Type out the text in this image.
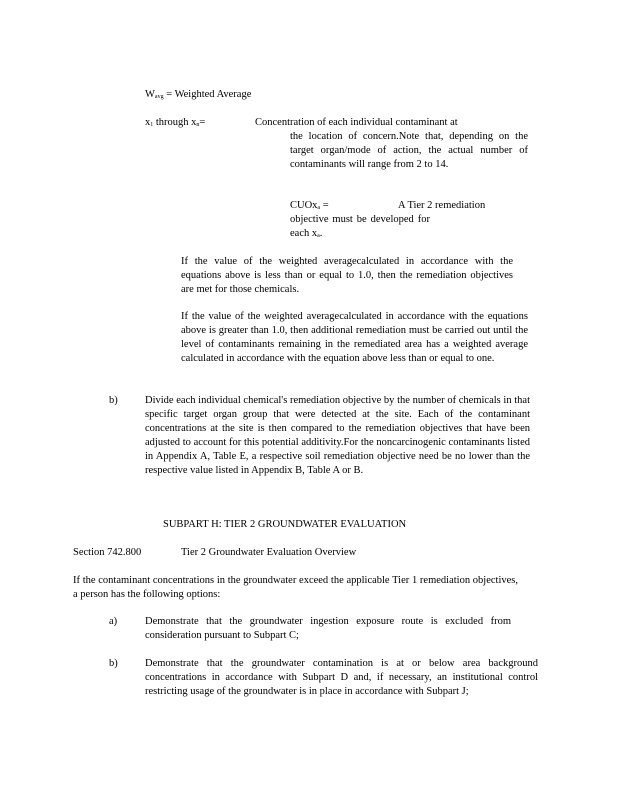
Wavg = Weighted Average
x1 through xn=	Concentration of each individual contaminant at
the location of concern.Note that, depending on the target organ/mode of action, the actual number of contaminants will range from 2 to 14.
CUOxa =	A Tier 2 remediation
objective must be developed for each xa.
If the value of the weighted averagecalculated in accordance with the equations above is less than or equal to 1.0, then the remediation objectives are met for those chemicals.
If the value of the weighted averagecalculated in accordance with the equations above is greater than 1.0, then additional remediation must be carried out until the level of contaminants remaining in the remediated area has a weighted average calculated in accordance with the equation above less than or equal to one.
b)	Divide each individual chemical's remediation objective by the number of chemicals in that specific target organ group that were detected at the site. Each of the contaminant concentrations at the site is then compared to the remediation objectives that have been adjusted to account for this potential additivity.For the noncarcinogenic contaminants listed in Appendix A, Table E, a respective soil remediation objective need be no lower than the respective value listed in Appendix B, Table A or B.
SUBPART H: TIER 2 GROUNDWATER EVALUATION
Section 742.800	Tier 2 Groundwater Evaluation Overview
If the contaminant concentrations in the groundwater exceed the applicable Tier 1 remediation objectives, a person has the following options:
a)	Demonstrate that the groundwater ingestion exposure route is excluded from consideration pursuant to Subpart C;
b)	Demonstrate that the groundwater contamination is at or below area background concentrations in accordance with Subpart D and, if necessary, an institutional control restricting usage of the groundwater is in place in accordance with Subpart J;
